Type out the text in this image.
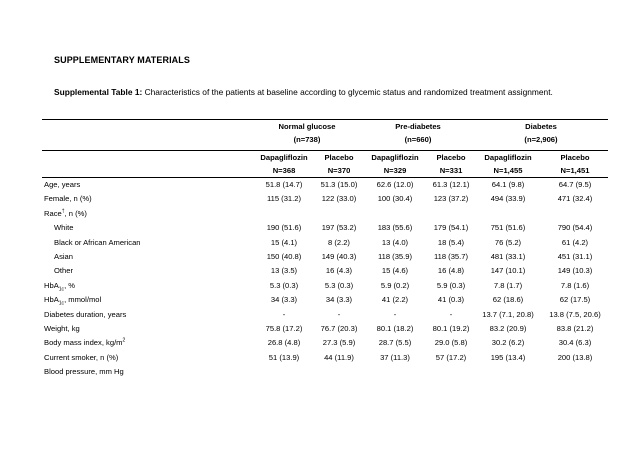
SUPPLEMENTARY MATERIALS
Supplemental Table 1: Characteristics of the patients at baseline according to glycemic status and randomized treatment assignment.
	Normal glucose		Pre-diabetes		Diabetes	
	(n=738)		(n=660)		(n=2,906)	

	Dapagliflozin	Placebo	Dapagliflozin	Placebo	Dapagliflozin	Placebo
	N=368	N=370	N=329	N=331	N=1,455	N=1,451
Age, years	51.8 (14.7)	51.3 (15.0)	62.6 (12.0)	61.3 (12.1)	64.1 (9.8)	64.7 (9.5)
Female, n (%)	115 (31.2)	122 (33.0)	100 (30.4)	123 (37.2)	494 (33.9)	471 (32.4)
Race†, n (%)						
White	190 (51.6)	197 (53.2)	183 (55.6)	179 (54.1)	751 (51.6)	790 (54.4)
Black or African American	15 (4.1)	8 (2.2)	13 (4.0)	18 (5.4)	76 (5.2)	61 (4.2)
Asian	150 (40.8)	149 (40.3)	118 (35.9)	118 (35.7)	481 (33.1)	451 (31.1)
Other	13 (3.5)	16 (4.3)	15 (4.6)	16 (4.8)	147 (10.1)	149 (10.3)
HbA$_{1c}$, %	5.3 (0.3)	5.3 (0.3)	5.9 (0.2)	5.9 (0.3)	7.8 (1.7)	7.8 (1.6)
HbA$_{1c}$, mmol/mol	34 (3.3)	34 (3.3)	41 (2.2)	41 (0.3)	62 (18.6)	62 (17.5)
Diabetes duration, years	-	-	-	-	13.7 (7.1, 20.8)	13.8 (7.5, 20.6)
Weight, kg	75.8 (17.2)	76.7 (20.3)	80.1 (18.2)	80.1 (19.2)	83.2 (20.9)	83.8 (21.2)
Body mass index, $kg/m^2$	26.8 (4.8)	27.3 (5.9)	28.7 (5.5)	29.0 (5.8)	30.2 (6.2)	30.4 (6.3)
Current smoker, n (%)	51 (13.9)	44 (11.9)	37 (11.3)	57 (17.2)	195 (13.4)	200 (13.8)
Blood pressure, mm Hg						
